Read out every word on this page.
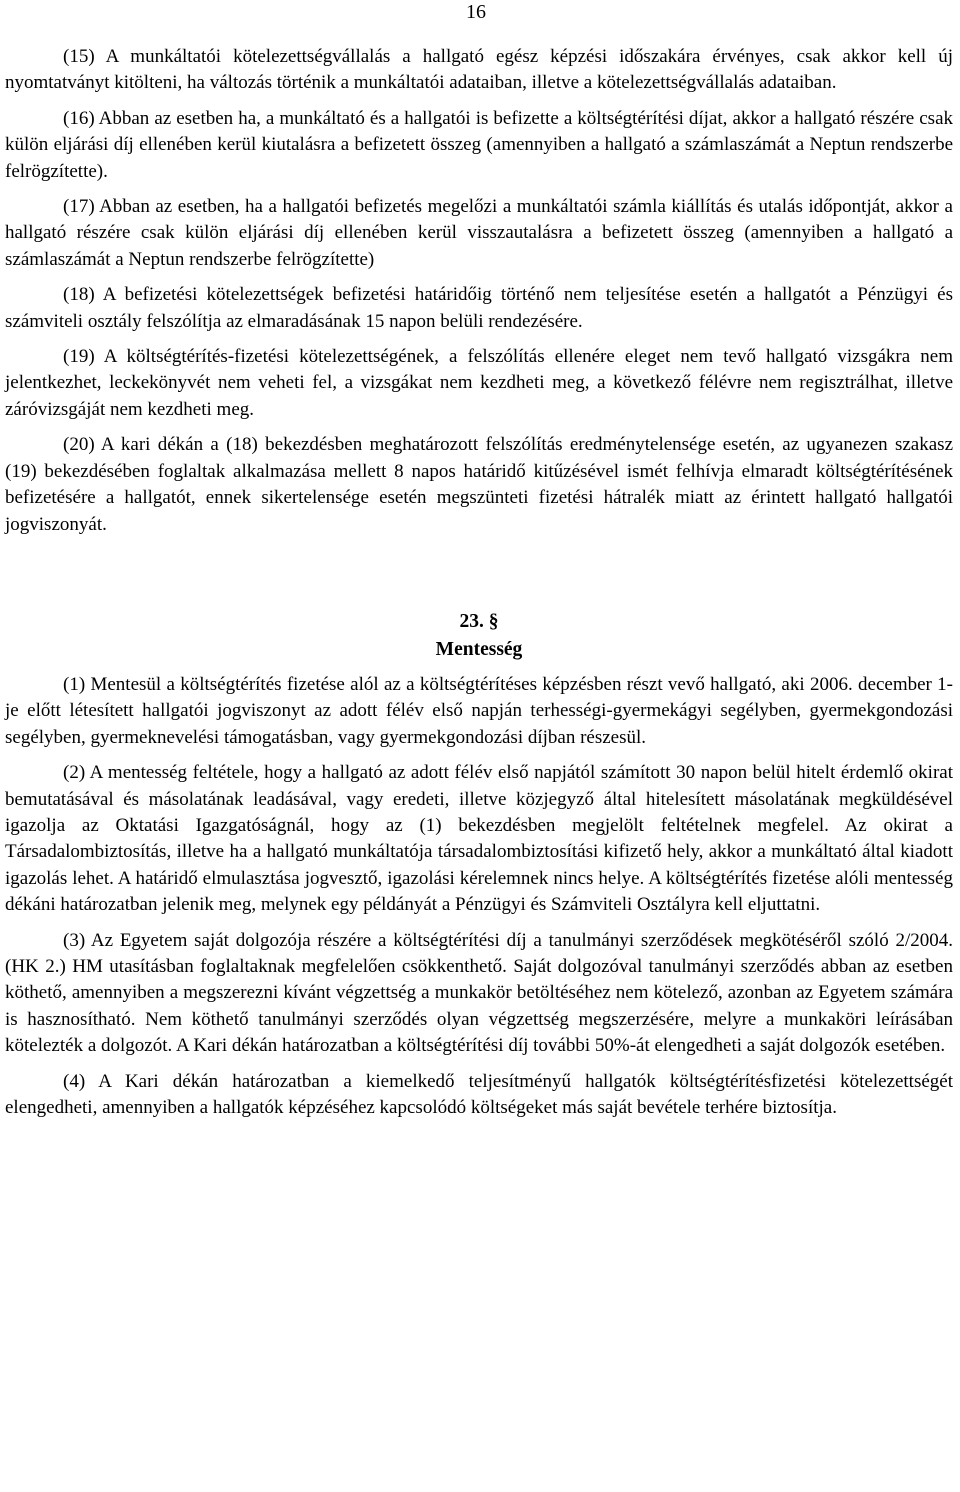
16

(15) A munkáltatói kötelezettségvállalás a hallgató egész képzési időszakára érvényes, csak akkor kell új nyomtatványt kitölteni, ha változás történik a munkáltatói adataiban, illetve a kötelezettségvállalás adataiban.

(16) Abban az esetben ha, a munkáltató és a hallgatói is befizette a költségtérítési díjat, akkor a hallgató részére csak külön eljárási díj ellenében kerül kiutalásra a befizetett összeg (amennyiben a hallgató a számlaszámát a Neptun rendszerbe felrögzítette).

(17) Abban az esetben, ha a hallgatói befizetés megelőzi a munkáltatói számla kiállítás és utalás időpontját, akkor a hallgató részére csak külön eljárási díj ellenében kerül visszautalásra a befizetett összeg (amennyiben a hallgató a számlaszámát a Neptun rendszerbe felrögzítette)

(18) A befizetési kötelezettségek befizetési határidőig történő nem teljesítése esetén a hallgatót a Pénzügyi és számviteli osztály felszólítja az elmaradásának 15 napon belüli rendezésére.

(19) A költségtérítés-fizetési kötelezettségének, a felszólítás ellenére eleget nem tevő hallgató vizsgákra nem jelentkezhet, leckekönyvét nem veheti fel, a vizsgákat nem kezdheti meg, a következő félévre nem regisztrálhat, illetve záróvizsgáját nem kezdheti meg.

(20) A kari dékán a (18) bekezdésben meghatározott felszólítás eredménytelensége esetén, az ugyanezen szakasz (19) bekezdésében foglaltak alkalmazása mellett 8 napos határidő kitűzésével ismét felhívja elmaradt költségtérítésének befizetésére a hallgatót, ennek sikertelensége esetén megszünteti fizetési hátralék miatt az érintett hallgató hallgatói jogviszonyát.

23. §
Mentesség

(1) Mentesül a költségtérítés fizetése alól az a költségtérítéses képzésben részt vevő hallgató, aki 2006. december 1-je előtt létesített hallgatói jogviszonyt az adott félév első napján terhességi-gyermekágyi segélyben, gyermekgondozási segélyben, gyermeknevelési támogatásban, vagy gyermekgondozási díjban részesül.

(2) A mentesség feltétele, hogy a hallgató az adott félév első napjától számított 30 napon belül hitelt érdemlő okirat bemutatásával és másolatának leadásával, vagy eredeti, illetve közjegyző által hitelesített másolatának megküldésével igazolja az Oktatási Igazgatóságnál, hogy az (1) bekezdésben megjelölt feltételnek megfelel. Az okirat a Társadalombiztosítás, illetve ha a hallgató munkáltatója társadalombiztosítási kifizető hely, akkor a munkáltató által kiadott igazolás lehet. A határidő elmulasztása jogvesztő, igazolási kérelemnek nincs helye. A költségtérítés fizetése alóli mentesség dékáni határozatban jelenik meg, melynek egy példányát a Pénzügyi és Számviteli Osztályra kell eljuttatni.

(3) Az Egyetem saját dolgozója részére a költségtérítési díj a tanulmányi szerződések megkötéséről szóló 2/2004. (HK 2.) HM utasításban foglaltaknak megfelelően csökkenthető. Saját dolgozóval tanulmányi szerződés abban az esetben köthető, amennyiben a megszerezni kívánt végzettség a munkakör betöltéséhez nem kötelező, azonban az Egyetem számára is hasznosítható. Nem köthető tanulmányi szerződés olyan végzettség megszerzésére, melyre a munkaköri leírásában kötelezték a dolgozót. A Kari dékán határozatban a költségtérítési díj további 50%-át elengedheti a saját dolgozók esetében.

(4) A Kari dékán határozatban a kiemelkedő teljesítményű hallgatók költségtérítésfizetési kötelezettségét elengedheti, amennyiben a hallgatók képzéséhez kapcsolódó költségeket más saját bevétele terhére biztosítja.
